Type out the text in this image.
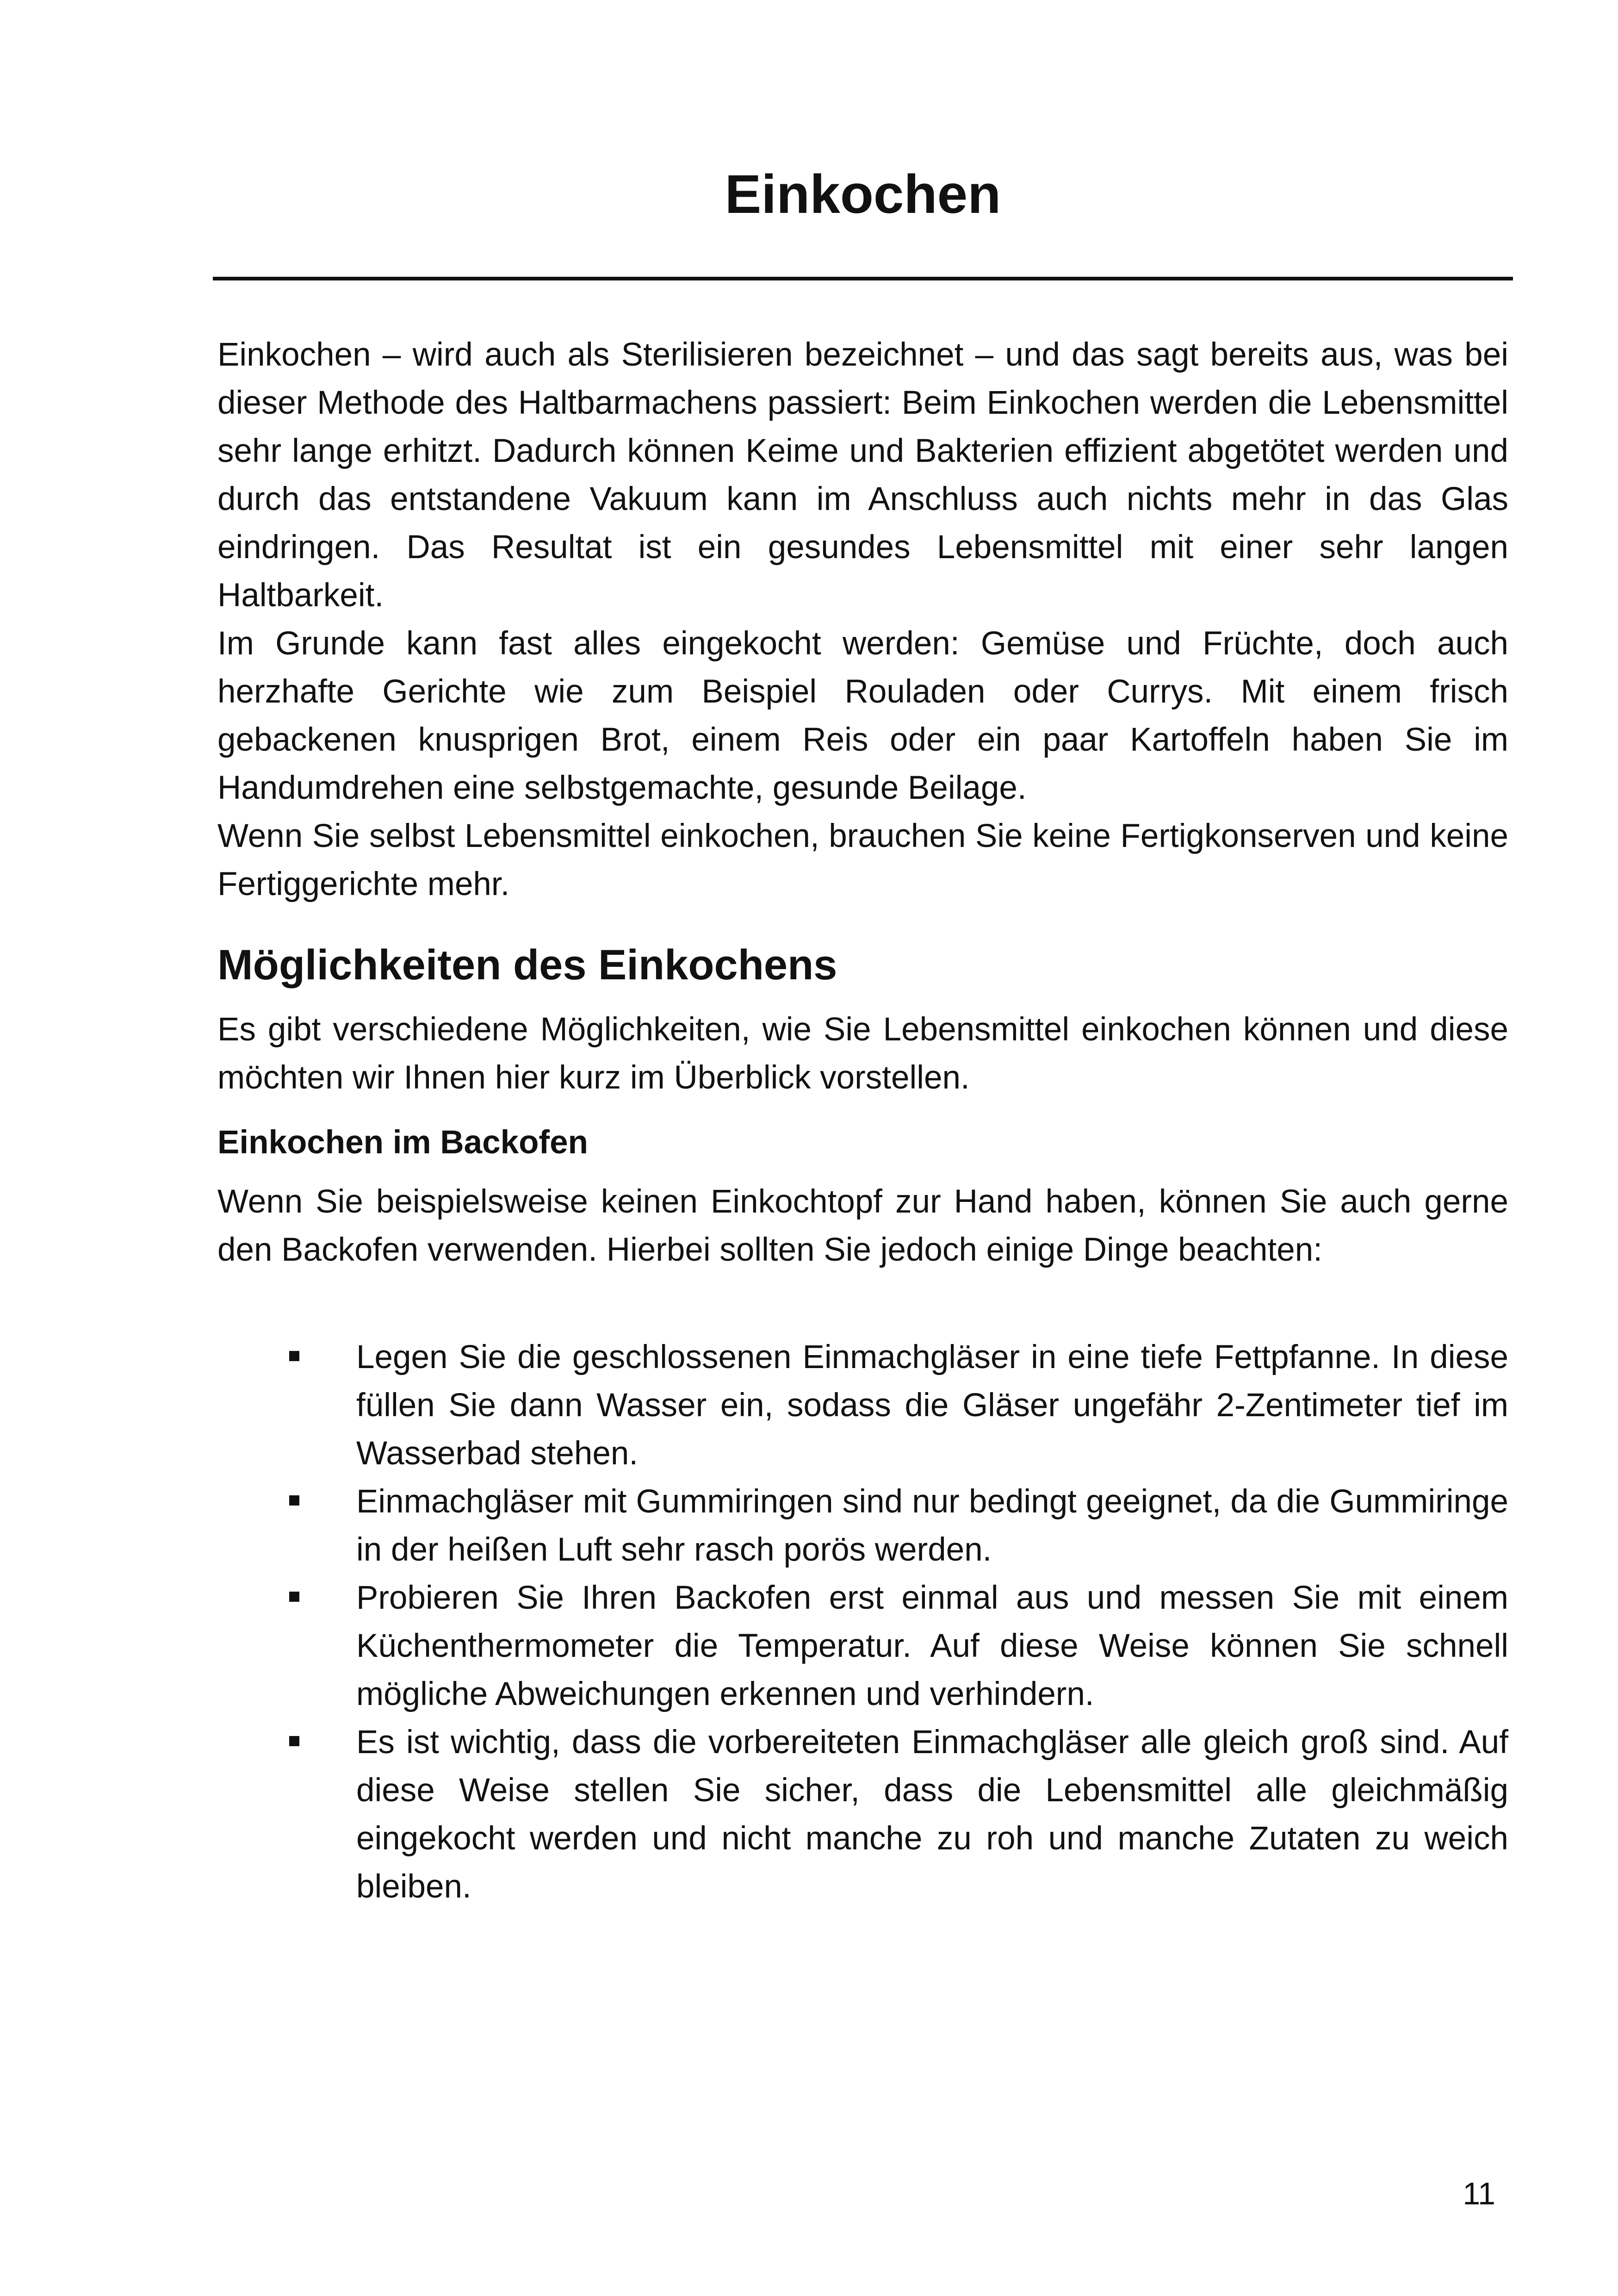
Einkochen

Einkochen – wird auch als Sterilisieren bezeichnet – und das sagt bereits aus, was bei dieser Methode des Haltbarmachens passiert: Beim Einkochen werden die Lebensmittel sehr lange erhitzt. Dadurch können Keime und Bakterien effizient abgetötet werden und durch das entstandene Vakuum kann im Anschluss auch nichts mehr in das Glas eindringen. Das Resultat ist ein gesundes Lebensmittel mit einer sehr langen Haltbarkeit.

Im Grunde kann fast alles eingekocht werden: Gemüse und Früchte, doch auch herzhafte Gerichte wie zum Beispiel Rouladen oder Currys. Mit einem frisch gebackenen knusprigen Brot, einem Reis oder ein paar Kartoffeln haben Sie im Handumdrehen eine selbstgemachte, gesunde Beilage.

Wenn Sie selbst Lebensmittel einkochen, brauchen Sie keine Fertigkonserven und keine Fertiggerichte mehr.

Möglichkeiten des Einkochens

Es gibt verschiedene Möglichkeiten, wie Sie Lebensmittel einkochen können und diese möchten wir Ihnen hier kurz im Überblick vorstellen.

Einkochen im Backofen

Wenn Sie beispielsweise keinen Einkochtopf zur Hand haben, können Sie auch gerne den Backofen verwenden. Hierbei sollten Sie jedoch einige Dinge beachten:

Legen Sie die geschlossenen Einmachgläser in eine tiefe Fettpfanne. In diese füllen Sie dann Wasser ein, sodass die Gläser ungefähr 2-Zentimeter tief im Wasserbad stehen.
Einmachgläser mit Gummiringen sind nur bedingt geeignet, da die Gummiringe in der heißen Luft sehr rasch porös werden.
Probieren Sie Ihren Backofen erst einmal aus und messen Sie mit einem Küchenthermometer die Temperatur. Auf diese Weise können Sie schnell mögliche Abweichungen erkennen und verhindern.
Es ist wichtig, dass die vorbereiteten Einmachgläser alle gleich groß sind. Auf diese Weise stellen Sie sicher, dass die Lebensmittel alle gleichmäßig eingekocht werden und nicht manche zu roh und manche Zutaten zu weich bleiben.
11
